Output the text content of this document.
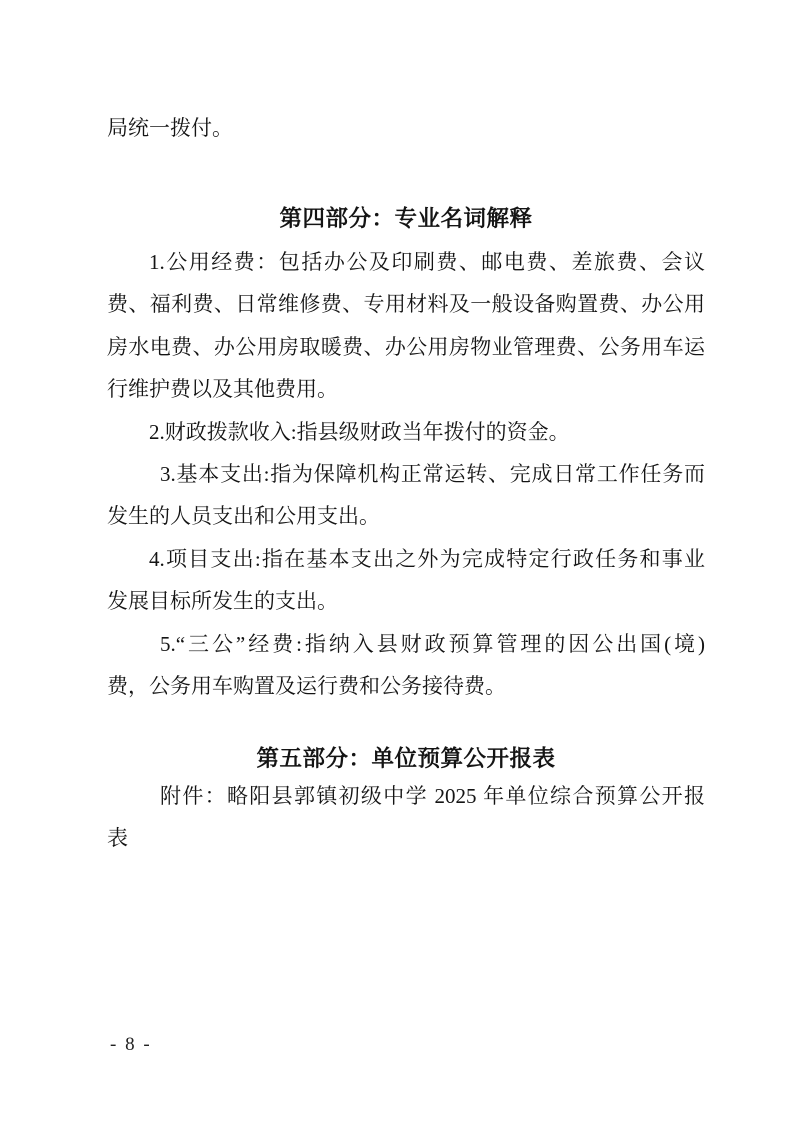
局统一拨付。
第四部分：专业名词解释
1.公用经费：包括办公及印刷费、邮电费、差旅费、会议
费、福利费、日常维修费、专用材料及一般设备购置费、办公用
房水电费、办公用房取暖费、办公用房物业管理费、公务用车运
行维护费以及其他费用。
2.财政拨款收入:指县级财政当年拨付的资金。
3.基本支出:指为保障机构正常运转、完成日常工作任务而
发生的人员支出和公用支出。
4.项目支出:指在基本支出之外为完成特定行政任务和事业
发展目标所发生的支出。
5.“三公”经费:指纳入县财政预算管理的因公出国(境)
费，公务用车购置及运行费和公务接待费。
第五部分：单位预算公开报表
附件：略阳县郭镇初级中学 2025 年单位综合预算公开报
表
- 8 -
